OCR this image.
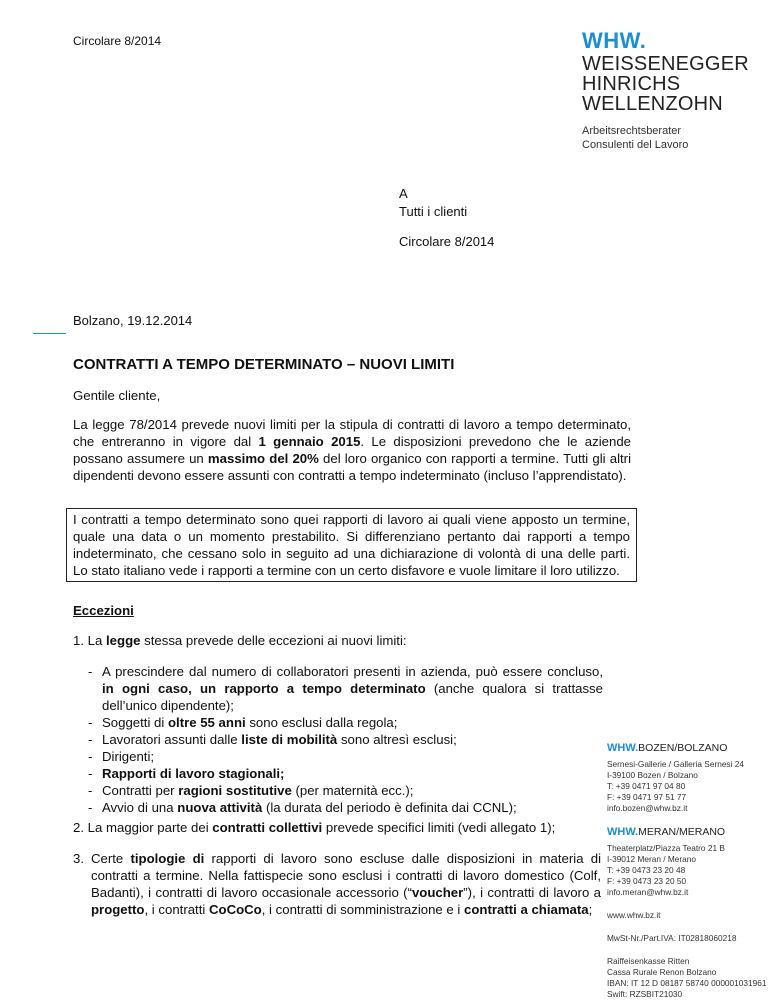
Circolare 8/2014	WHW.
WEISSENEGGER
HINRICHS
WELLENZOHN
Arbeitsrechtsberater
Consulenti del Lavoro
A
Tutti i clienti
Circolare 8/2014
Bolzano, 19.12.2014
CONTRATTI A TEMPO DETERMINATO – NUOVI LIMITI
Gentile cliente,
La legge 78/2014 prevede nuovi limiti per la stipula di contratti di lavoro a tempo determinato, che entreranno in vigore dal 1 gennaio 2015. Le disposizioni prevedono che le aziende possano assumere un massimo del 20% del loro organico con rapporti a termine. Tutti gli altri dipendenti devono essere assunti con contratti a tempo indeterminato (incluso l’apprendistato).
I contratti a tempo determinato sono quei rapporti di lavoro ai quali viene apposto un termine, quale una data o un momento prestabilito. Si differenziano pertanto dai rapporti a tempo indeterminato, che cessano solo in seguito ad una dichiarazione di volontà di una delle parti. Lo stato italiano vede i rapporti a termine con un certo disfavore e vuole limitare il loro utilizzo.
Eccezioni
1. La legge stessa prevede delle eccezioni ai nuovi limiti:
- A prescindere dal numero di collaboratori presenti in azienda, può essere concluso, in ogni caso, un rapporto a tempo determinato (anche qualora si trattasse dell’unico dipendente);
- Soggetti di oltre 55 anni sono esclusi dalla regola;
- Lavoratori assunti dalle liste di mobilità sono altresì esclusi;
- Dirigenti;
- Rapporti di lavoro stagionali;
- Contratti per ragioni sostitutive (per maternità ecc.);
- Avvio di una nuova attività (la durata del periodo è definita dai CCNL);
2. La maggior parte dei contratti collettivi prevede specifici limiti (vedi allegato 1);
3. Certe tipologie di rapporti di lavoro sono escluse dalle disposizioni in materia di contratti a termine. Nella fattispecie sono esclusi i contratti di lavoro domestico (Colf, Badanti), i contratti di lavoro occasionale accessorio (“voucher”), i contratti di lavoro a progetto, i contratti CoCoCo, i contratti di somministrazione e i contratti a chiamata;
WHW.BOZEN/BOLZANO
Sernesi-Gallerie / Galleria Sernesi 24
I-39100 Bozen / Bolzano
T: +39 0471 97 04 80
F: +39 0471 97 51 77
info.bozen@whw.bz.it
WHW.MERAN/MERANO
Theaterplatz/Piazza Teatro 21 B
I-39012 Meran / Merano
T: +39 0473 23 20 48
F: +39 0473 23 20 50
info.meran@whw.bz.it
www.whw.bz.it
MwSt-Nr./Part.IVA: IT02818060218
Raiffeisenkasse Ritten
Cassa Rurale Renon Bolzano
IBAN: IT 12 D 08187 58740 000001031961
Swift: RZSBIT21030
